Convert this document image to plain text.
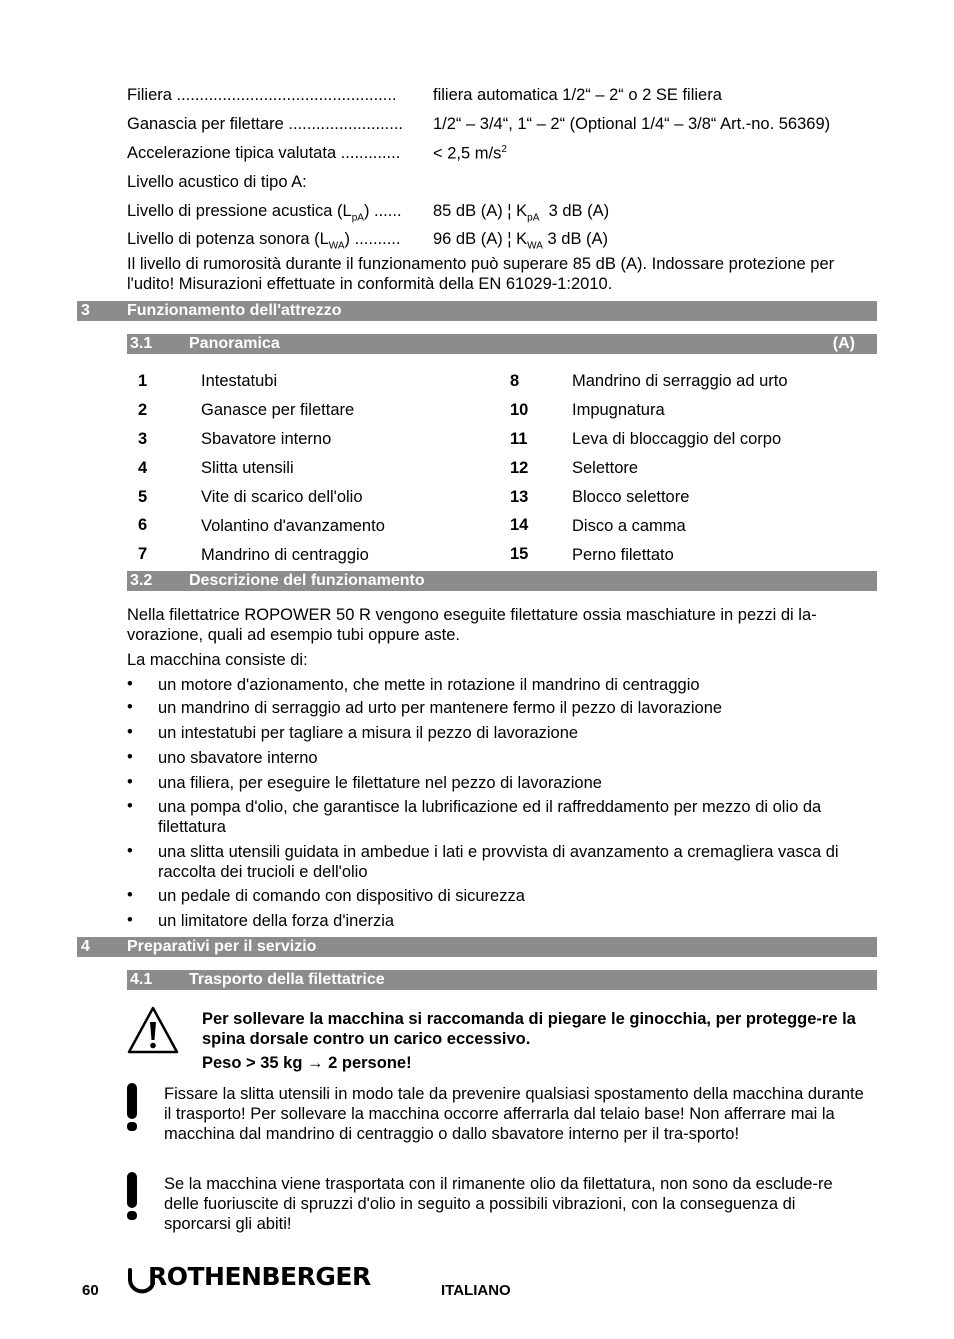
Filiera ................................................ filiera automatica 1/2“ – 2“ o 2 SE filiera
Ganascia per filettare ......................... 1/2“ – 3/4“, 1“ – 2“ (Optional 1/4“ – 3/8“ Art.-no. 56369)
Accelerazione tipica valutata ............. < 2,5 $m/s^2$
Livello acustico di tipo A:
Livello di pressione acustica $(L_{pA})$ ...... 85 dB (A) ¦ $K_{pA}$ 3 dB (A)
Livello di potenza sonora $(L_{WA})$ .......... 96 dB (A) ¦ $K_{WA}$ 3 dB (A)
Il livello di rumorosità durante il funzionamento può superare 85 dB (A). Indossare protezione per l'udito! Misurazioni effettuate in conformità della EN 61029-1:2010.
3 Funzionamento dell'attrezzo
3.1 Panoramica	(A)
1	Intestatubi
2	Ganasce per filettare
3	Sbavatore interno
4	Slitta utensili
5	Vite di scarico dell'olio
6	Volantino d'avanzamento
7	Mandrino di centraggio
8	Mandrino di serraggio ad urto
10	Impugnatura
11	Leva di bloccaggio del corpo
12	Selettore
13	Blocco selettore
14	Disco a camma
15	Perno filettato
3.2 Descrizione del funzionamento
Nella filettatrice ROPOWER 50 R vengono eseguite filettature ossia maschiature in pezzi di la-vorazione, quali ad esempio tubi oppure aste.
La macchina consiste di:
• un motore d'azionamento, che mette in rotazione il mandrino di centraggio
• un mandrino di serraggio ad urto per mantenere fermo il pezzo di lavorazione
• un intestatubi per tagliare a misura il pezzo di lavorazione
• uno sbavatore interno
• una filiera, per eseguire le filettature nel pezzo di lavorazione
• una pompa d'olio, che garantisce la lubrificazione ed il raffreddamento per mezzo di olio da filettatura
• una slitta utensili guidata in ambedue i lati e provvista di avanzamento a cremagliera vasca di raccolta dei trucioli e dell'olio
• un pedale di comando con dispositivo di sicurezza
• un limitatore della forza d'inerzia
4 Preparativi per il servizio
4.1 Trasporto della filettatrice
Per sollevare la macchina si raccomanda di piegare le ginocchia, per protegge-re la spina dorsale contro un carico eccessivo.
Peso > 35 kg → 2 persone!
Fissare la slitta utensili in modo tale da prevenire qualsiasi spostamento della macchina durante il trasporto! Per sollevare la macchina occorre afferrarla dal telaio base! Non afferrare mai la macchina dal mandrino di centraggio o dallo sbavatore interno per il tra-sporto!
Se la macchina viene trasportata con il rimanente olio da filettatura, non sono da esclude-re delle fuoriuscite di spruzzi d'olio in seguito a possibili vibrazioni, con la conseguenza di sporcarsi gli abiti!
60 ROTHENBERGER	ITALIANO
